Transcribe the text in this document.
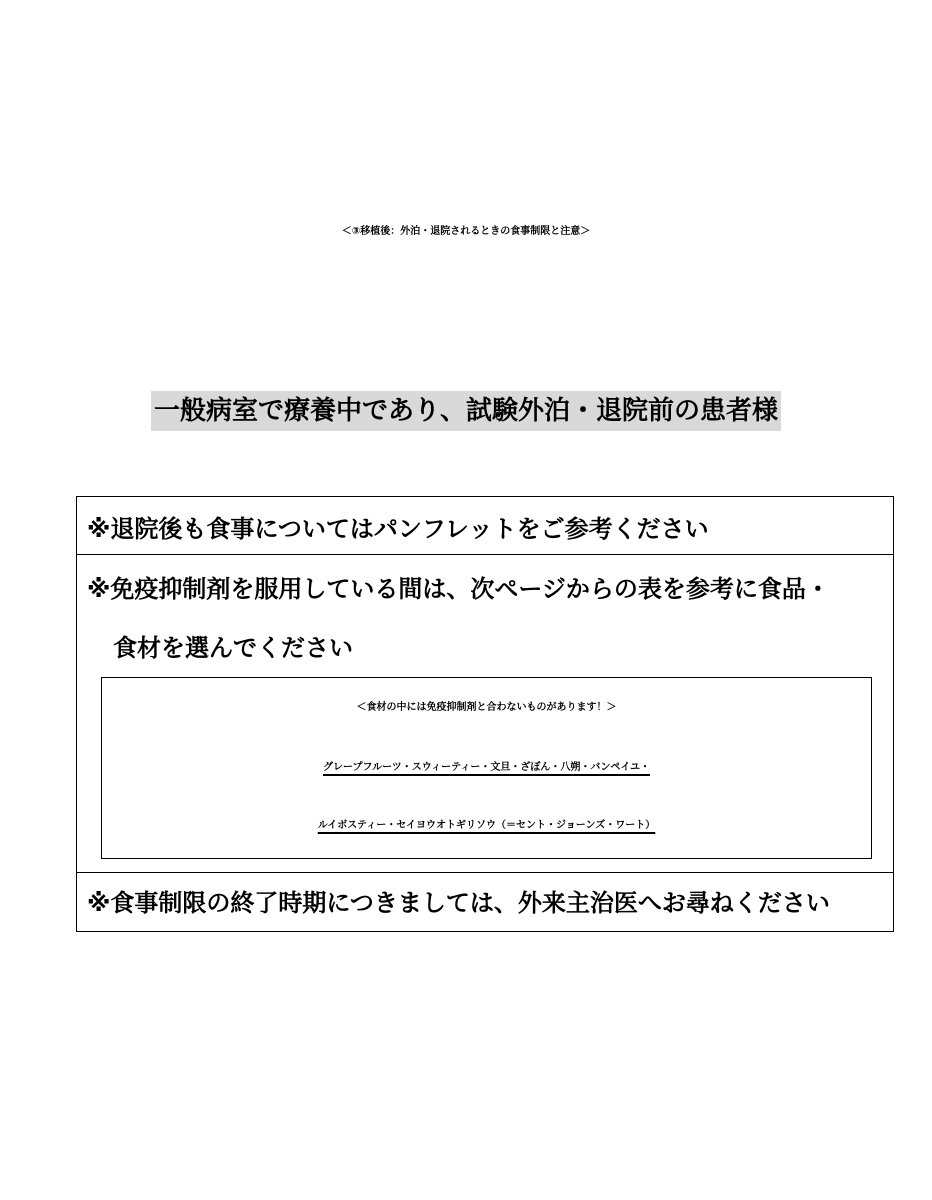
＜③移植後：外泊・退院されるときの食事制限と注意＞
一般病室で療養中であり、試験外泊・退院前の患者様
※退院後も食事についてはパンフレットをご参考ください
※免疫抑制剤を服用している間は、次ページからの表を参考に食品・
食材を選んでください
＜食材の中には免疫抑制剤と合わないものがあります！＞
グレープフルーツ・スウィーティー・文旦・ざぼん・八朔・バンペイユ・
ルイボスティー・セイヨウオトギリソウ（＝セント・ジョーンズ・ワート）
※食事制限の終了時期につきましては、外来主治医へお尋ねください
